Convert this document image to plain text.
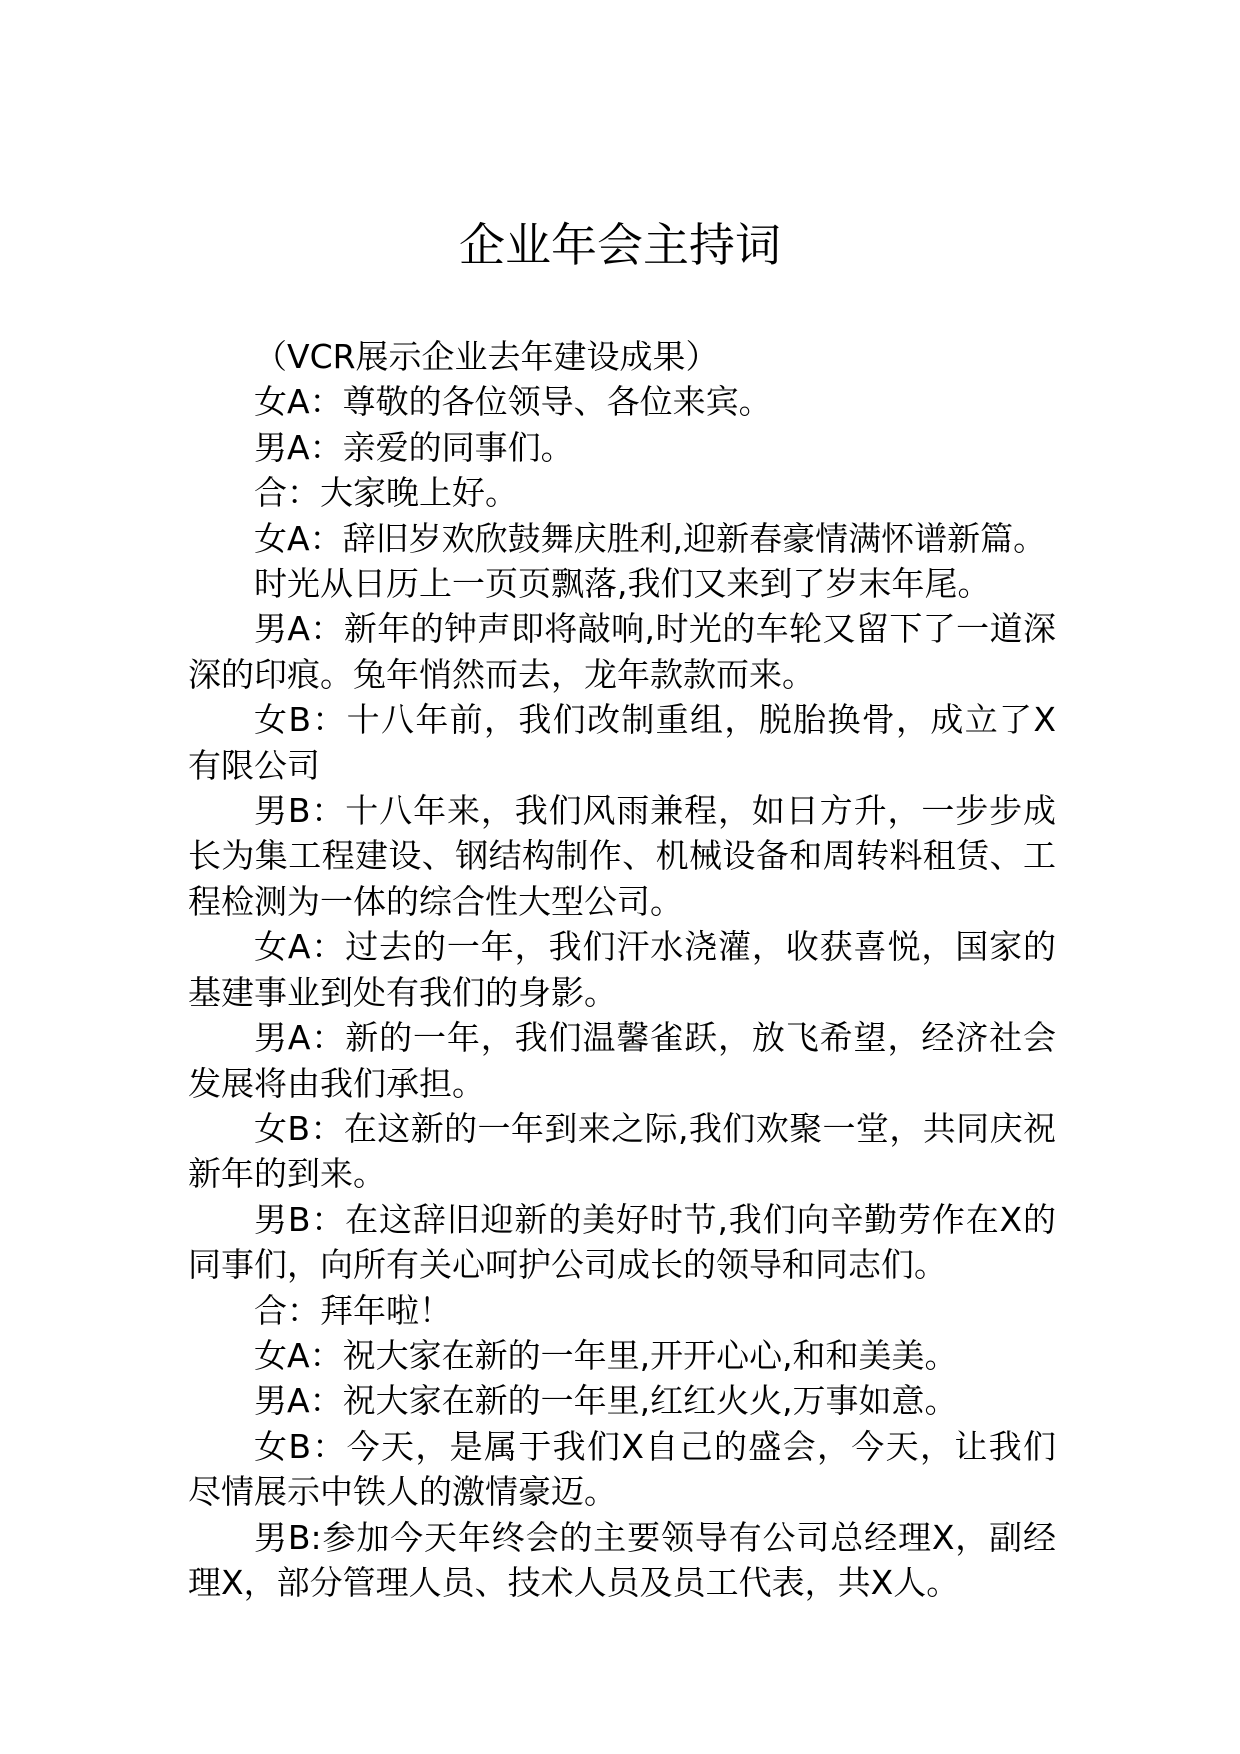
企业年会主持词

（VCR展示企业去年建设成果）

女A：尊敬的各位领导、各位来宾。

男A：亲爱的同事们。

合：大家晚上好。

女A：辞旧岁欢欣鼓舞庆胜利,迎新春豪情满怀谱新篇。

时光从日历上一页页飘落,我们又来到了岁末年尾。

男A：新年的钟声即将敲响,时光的车轮又留下了一道深深的印痕。兔年悄然而去，龙年款款而来。

女B：十八年前，我们改制重组，脱胎换骨，成立了X有限公司

男B：十八年来，我们风雨兼程，如日方升，一步步成长为集工程建设、钢结构制作、机械设备和周转料租赁、工程检测为一体的综合性大型公司。

女A：过去的一年，我们汗水浇灌，收获喜悦，国家的基建事业到处有我们的身影。

男A：新的一年，我们温馨雀跃，放飞希望，经济社会发展将由我们承担。

女B：在这新的一年到来之际,我们欢聚一堂，共同庆祝新年的到来。

男B：在这辞旧迎新的美好时节,我们向辛勤劳作在X的同事们，向所有关心呵护公司成长的领导和同志们。

合：拜年啦！

女A：祝大家在新的一年里,开开心心,和和美美。

男A：祝大家在新的一年里,红红火火,万事如意。

女B：今天，是属于我们X自己的盛会，今天，让我们尽情展示中铁人的激情豪迈。

男B:参加今天年终会的主要领导有公司总经理X，副经理X，部分管理人员、技术人员及员工代表，共X人。
